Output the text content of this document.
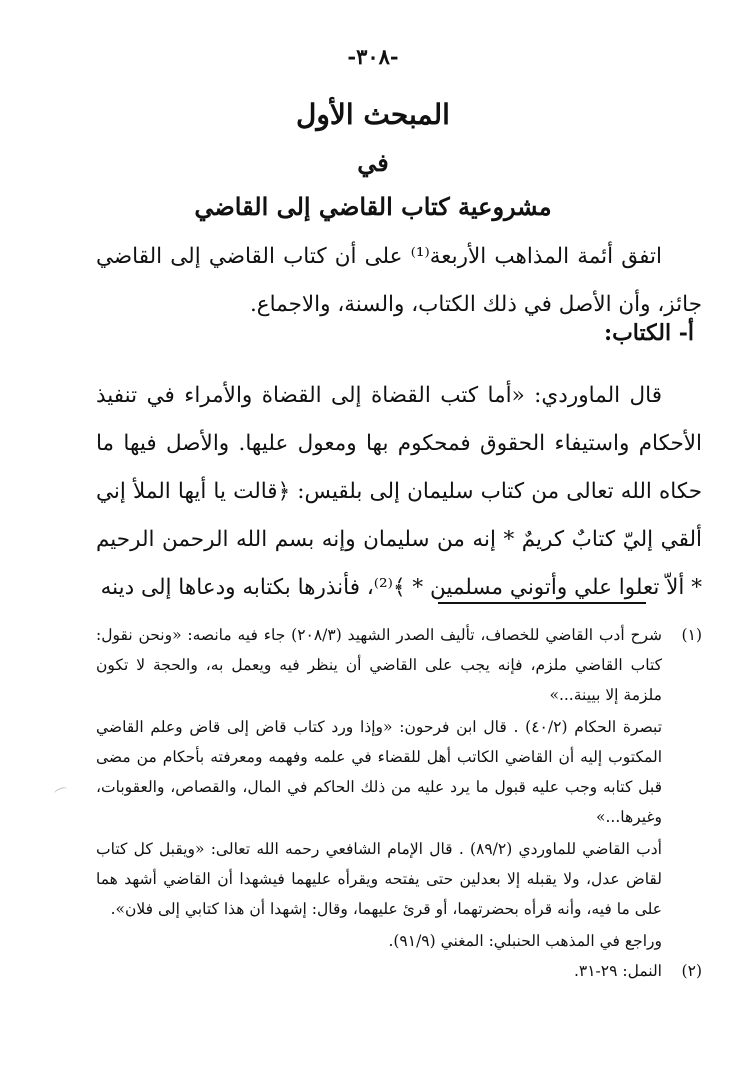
-٣٠٨-
المبحث الأول
في
مشروعية كتاب القاضي إلى القاضي

اتفق أئمة المذاهب الأربعة⁽¹⁾ على أن كتاب القاضي إلى القاضي جائز، وأن الأصل في ذلك الكتاب، والسنة، والاجماع.

أ- الكتاب:

قال الماوردي: «أما كتب القضاة إلى القضاة والأمراء في تنفيذ الأحكام واستيفاء الحقوق فمحكوم بها ومعول عليها. والأصل فيها ما حكاه الله تعالى من كتاب سليمان إلى بلقيس: ﴿قالت يا أيها الملأ إني ألقي إليّ كتابٌ كريمٌ * إنه من سليمان وإنه بسم الله الرحمن الرحيم * ألاّ تعلوا علي وأتوني مسلمين * ﴾⁽²⁾، فأنذرها بكتابه ودعاها إلى دينه

(١)

شرح أدب القاضي للخصاف، تأليف الصدر الشهيد (٢٠٨/٣) جاء فيه مانصه: «ونحن نقول: كتاب القاضي ملزم، فإنه يجب على القاضي أن ينظر فيه ويعمل به، والحجة لا تكون ملزمة إلا بيينة...»

تبصرة الحكام (٤٠/٢) . قال ابن فرحون: «وإذا ورد كتاب قاض إلى قاض وعلم القاضي المكتوب إليه أن القاضي الكاتب أهل للقضاء في علمه وفهمه ومعرفته بأحكام من مضى قبل كتابه وجب عليه قبول ما يرد عليه من ذلك الحاكم في المال، والقصاص، والعقوبات، وغيرها...»

أدب القاضي للماوردي (٨٩/٢) . قال الإمام الشافعي رحمه الله تعالى: «ويقبل كل كتاب لقاض عدل، ولا يقبله إلا بعدلين حتى يفتحه ويقرأه عليهما فيشهدا أن القاضي أشهد هما على ما فيه، وأنه قرأه بحضرتهما، أو قرئ عليهما، وقال: إشهدا أن هذا كتابي إلى فلان».

وراجع في المذهب الحنبلي: المغني (٩١/٩).

(٢)

النمل: ٢٩-٣١.
